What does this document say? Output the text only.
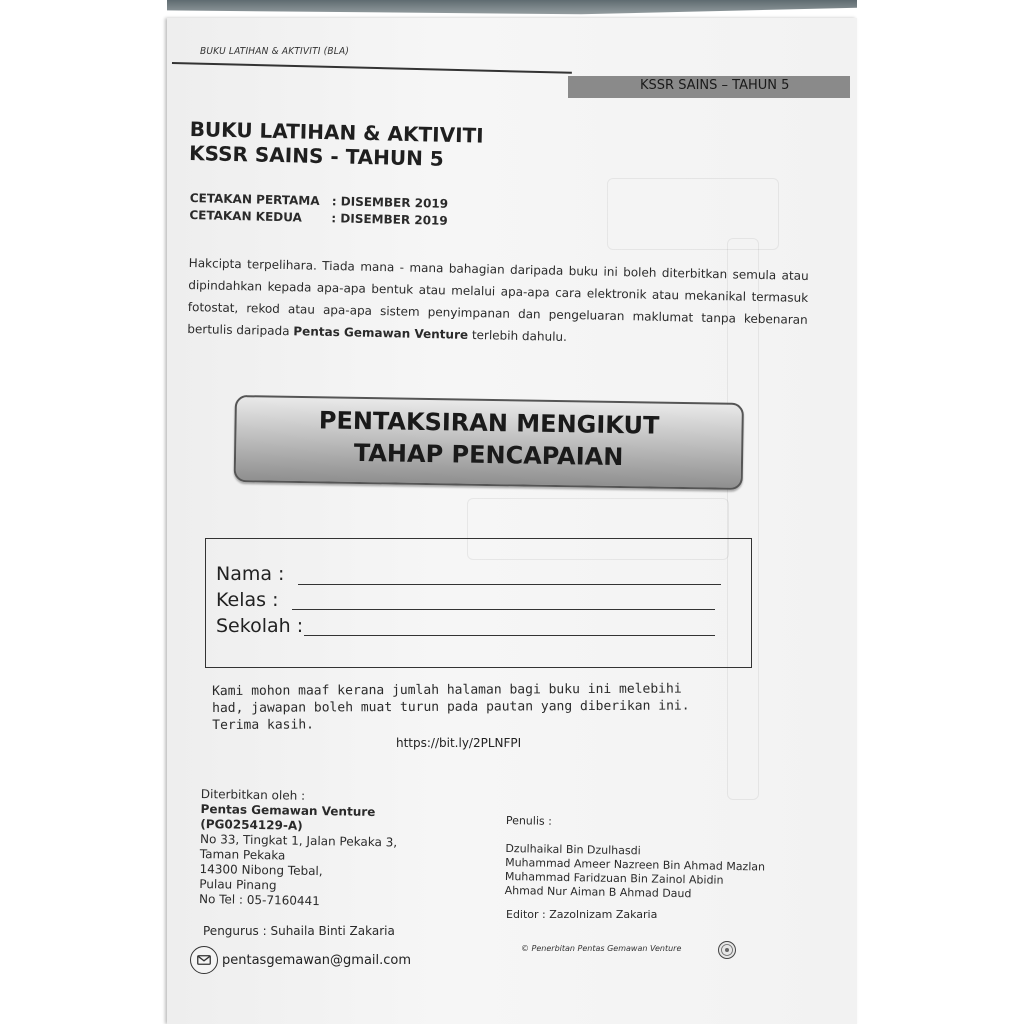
BUKU LATIHAN & AKTIVITI (BLA)
KSSR SAINS – TAHUN 5
BUKU LATIHAN & AKTIVITI
KSSR SAINS - TAHUN 5
CETAKAN PERTAMA : DISEMBER 2019
CETAKAN KEDUA : DISEMBER 2019
Hakcipta terpelihara. Tiada mana - mana bahagian daripada buku ini boleh diterbitkan semula atau dipindahkan kepada apa-apa bentuk atau melalui apa-apa cara elektronik atau mekanikal termasuk fotostat, rekod atau apa-apa sistem penyimpanan dan pengeluaran maklumat tanpa kebenaran bertulis daripada Pentas Gemawan Venture terlebih dahulu.
PENTAKSIRAN MENGIKUT
TAHAP PENCAPAIAN
Nama :
Kelas :
Sekolah :
Kami mohon maaf kerana jumlah halaman bagi buku ini melebihi
had, jawapan boleh muat turun pada pautan yang diberikan ini.
Terima kasih.
https://bit.ly/2PLNFPI
Diterbitkan oleh :
Pentas Gemawan Venture
(PG0254129-A)
No 33, Tingkat 1, Jalan Pekaka 3,
Taman Pekaka
14300 Nibong Tebal,
Pulau Pinang
No Tel : 05-7160441
Pengurus : Suhaila Binti Zakaria
pentasgemawan@gmail.com
Penulis :
Dzulhaikal Bin Dzulhasdi
Muhammad Ameer Nazreen Bin Ahmad Mazlan
Muhammad Faridzuan Bin Zainol Abidin
Ahmad Nur Aiman B Ahmad Daud
Editor : Zazolnizam Zakaria
© Penerbitan Pentas Gemawan Venture
